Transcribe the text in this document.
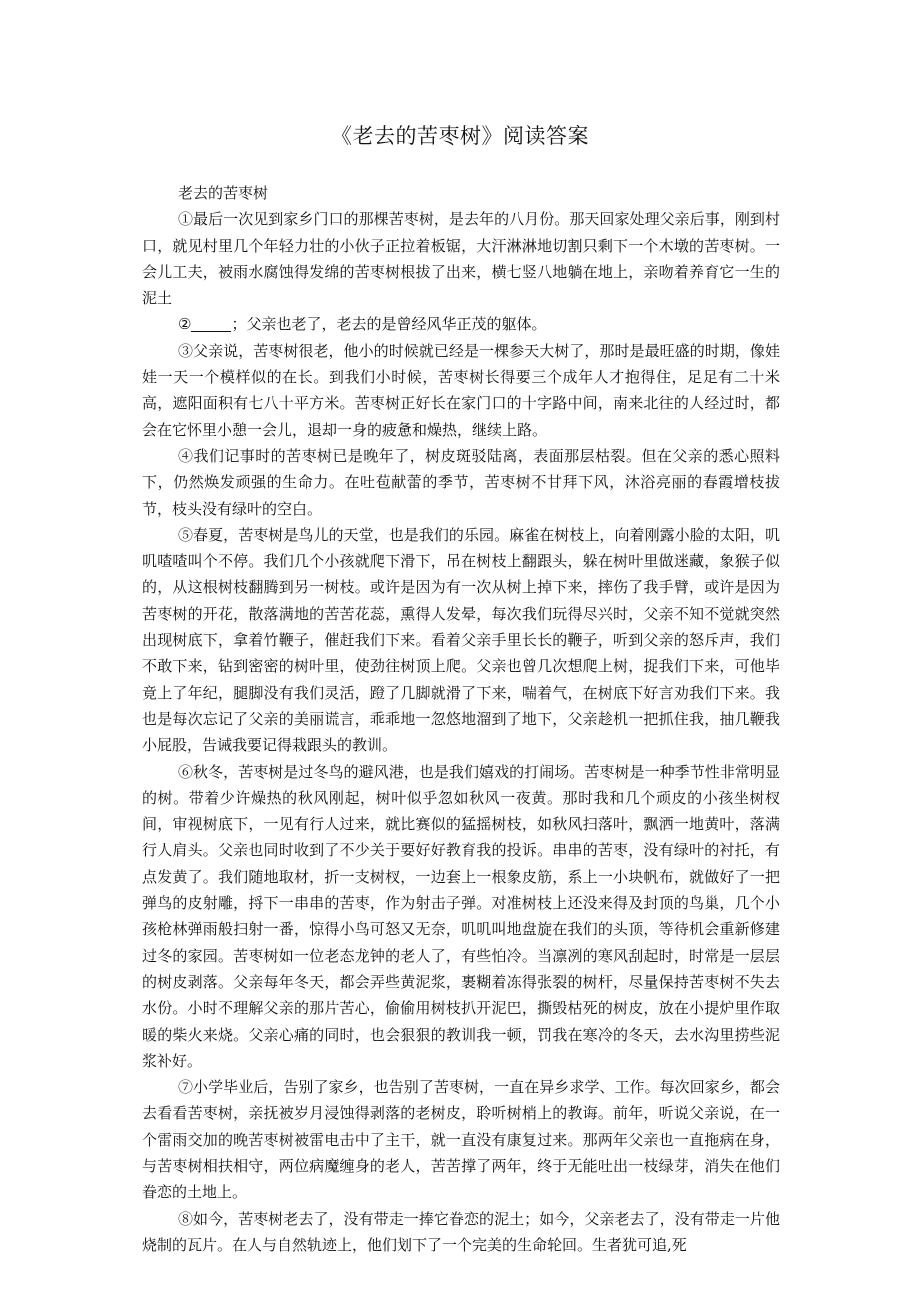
《老去的苦枣树》阅读答案
老去的苦枣树

①最后一次见到家乡门口的那棵苦枣树，是去年的八月份。那天回家处理父亲后事，刚到村口，就见村里几个年轻力壮的小伙子正拉着板锯，大汗淋淋地切割只剩下一个木墩的苦枣树。一会儿工夫，被雨水腐蚀得发绵的苦枣树根拔了出来，横七竖八地躺在地上，亲吻着养育它一生的泥土

②	；父亲也老了，老去的是曾经风华正茂的躯体。

③父亲说，苦枣树很老，他小的时候就已经是一棵参天大树了，那时是最旺盛的时期，像娃娃一天一个模样似的在长。到我们小时候，苦枣树长得要三个成年人才抱得住，足足有二十米高，遮阳面积有七八十平方米。苦枣树正好长在家门口的十字路中间，南来北往的人经过时，都会在它怀里小憩一会儿，退却一身的疲惫和燥热，继续上路。

④我们记事时的苦枣树已是晚年了，树皮斑驳陆离，表面那层枯裂。但在父亲的悉心照料下，仍然焕发顽强的生命力。在吐苞献蕾的季节，苦枣树不甘拜下风，沐浴亮丽的春霞增枝拔节，枝头没有绿叶的空白。

⑤春夏，苦枣树是鸟儿的天堂，也是我们的乐园。麻雀在树枝上，向着刚露小脸的太阳，叽叽喳喳叫个不停。我们几个小孩就爬下滑下，吊在树枝上翻跟头，躲在树叶里做迷藏，象猴子似的，从这根树枝翻腾到另一树枝。或许是因为有一次从树上掉下来，摔伤了我手臂，或许是因为苦枣树的开花，散落满地的苦苦花蕊，熏得人发晕，每次我们玩得尽兴时，父亲不知不觉就突然出现树底下，拿着竹鞭子，催赶我们下来。看着父亲手里长长的鞭子，听到父亲的怒斥声，我们不敢下来，钻到密密的树叶里，使劲往树顶上爬。父亲也曾几次想爬上树，捉我们下来，可他毕竟上了年纪，腿脚没有我们灵活，蹬了几脚就滑了下来，喘着气，在树底下好言劝我们下来。我也是每次忘记了父亲的美丽谎言，乖乖地一忽悠地溜到了地下，父亲趁机一把抓住我，抽几鞭我小屁股，告诫我要记得栽跟头的教训。

⑥秋冬，苦枣树是过冬鸟的避风港，也是我们嬉戏的打闹场。苦枣树是一种季节性非常明显的树。带着少许燥热的秋风刚起，树叶似乎忽如秋风一夜黄。那时我和几个顽皮的小孩坐树杈间，审视树底下，一见有行人过来，就比赛似的猛摇树枝，如秋风扫落叶，飘洒一地黄叶，落满行人肩头。父亲也同时收到了不少关于要好好教育我的投诉。串串的苦枣，没有绿叶的衬托，有点发黄了。我们随地取材，折一支树杈，一边套上一根象皮筋，系上一小块帆布，就做好了一把弹鸟的皮射雕，捋下一串串的苦枣，作为射击子弹。对准树枝上还没来得及封顶的鸟巢，几个小孩枪林弹雨般扫射一番，惊得小鸟可怒又无奈，叽叽叫地盘旋在我们的头顶，等待机会重新修建过冬的家园。苦枣树如一位老态龙钟的老人了，有些怕冷。当凛冽的寒风刮起时，时常是一层层的树皮剥落。父亲每年冬天，都会弄些黄泥浆，裹糊着冻得张裂的树杆，尽量保持苦枣树不失去水份。小时不理解父亲的那片苦心，偷偷用树枝扒开泥巴，撕毁枯死的树皮，放在小提炉里作取暖的柴火来烧。父亲心痛的同时，也会狠狠的教训我一顿，罚我在寒冷的冬天，去水沟里捞些泥浆补好。

⑦小学毕业后，告别了家乡，也告别了苦枣树，一直在异乡求学、工作。每次回家乡，都会去看看苦枣树，亲抚被岁月浸蚀得剥落的老树皮，聆听树梢上的教诲。前年，听说父亲说，在一个雷雨交加的晚苦枣树被雷电击中了主干，就一直没有康复过来。那两年父亲也一直拖病在身，与苦枣树相扶相守，两位病魔缠身的老人，苦苦撑了两年，终于无能吐出一枝绿芽，消失在他们眷恋的土地上。

⑧如今，苦枣树老去了，没有带走一捧它眷恋的泥土；如今，父亲老去了，没有带走一片他烧制的瓦片。在人与自然轨迹上，他们划下了一个完美的生命轮回。生者犹可追,死
